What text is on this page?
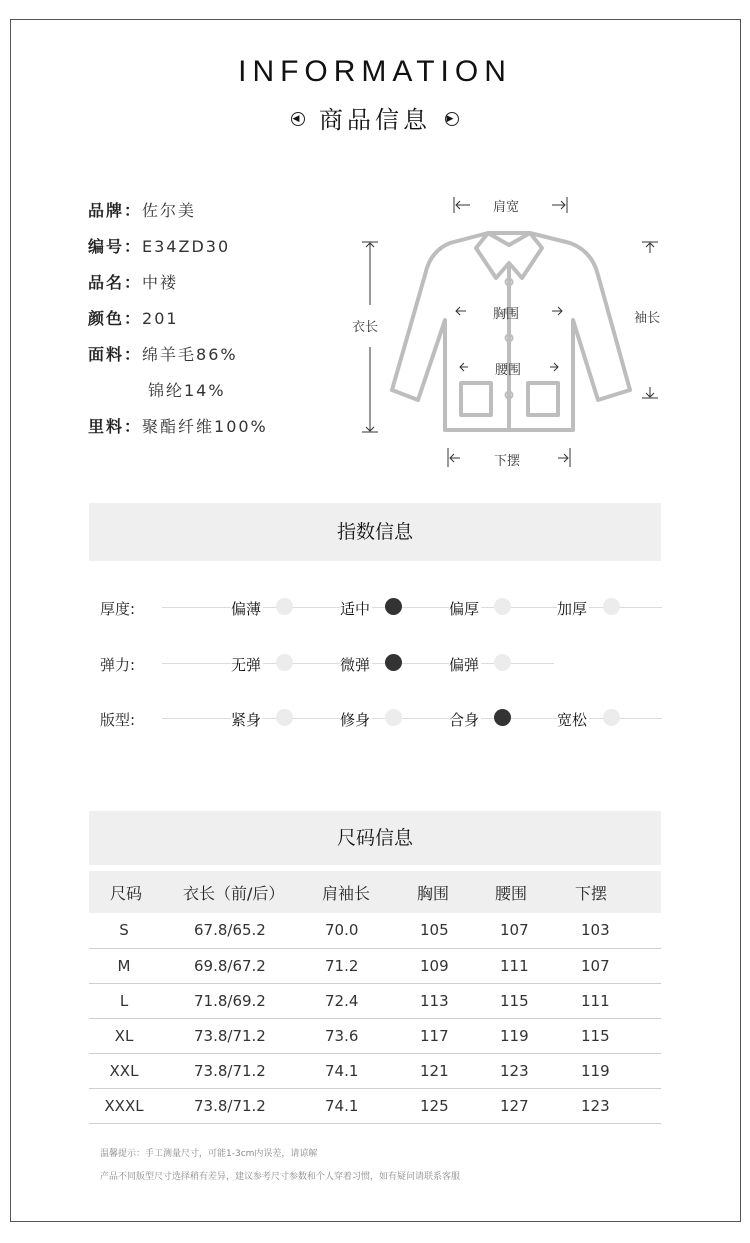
INFORMATION
◀ 商品信息 ▶
品牌：佐尔美
编号：E34ZD30
品名：中褛
颜色：201
面料：绵羊毛86%
锦纶14%
里料：聚酯纤维100%
肩宽
衣长
胸围
腰围
袖长
下摆
指数信息
厚度:	偏薄	适中	偏厚	加厚
弹力:	无弹	微弹	偏弹
版型:	紧身	修身	合身	宽松
尺码信息
尺码	衣长（前/后）	肩袖长	胸围	腰围	下摆
S	67.8/65.2	70.0	105	107	103
M	69.8/67.2	71.2	109	111	107
L	71.8/69.2	72.4	113	115	111
XL	73.8/71.2	73.6	117	119	115
XXL	73.8/71.2	74.1	121	123	119
XXXL	73.8/71.2	74.1	125	127	123
温馨提示：手工测量尺寸，可能1-3cm内误差，请谅解
产品不同版型尺寸选择稍有差异，建议参考尺寸参数和个人穿着习惯，如有疑问请联系客服
